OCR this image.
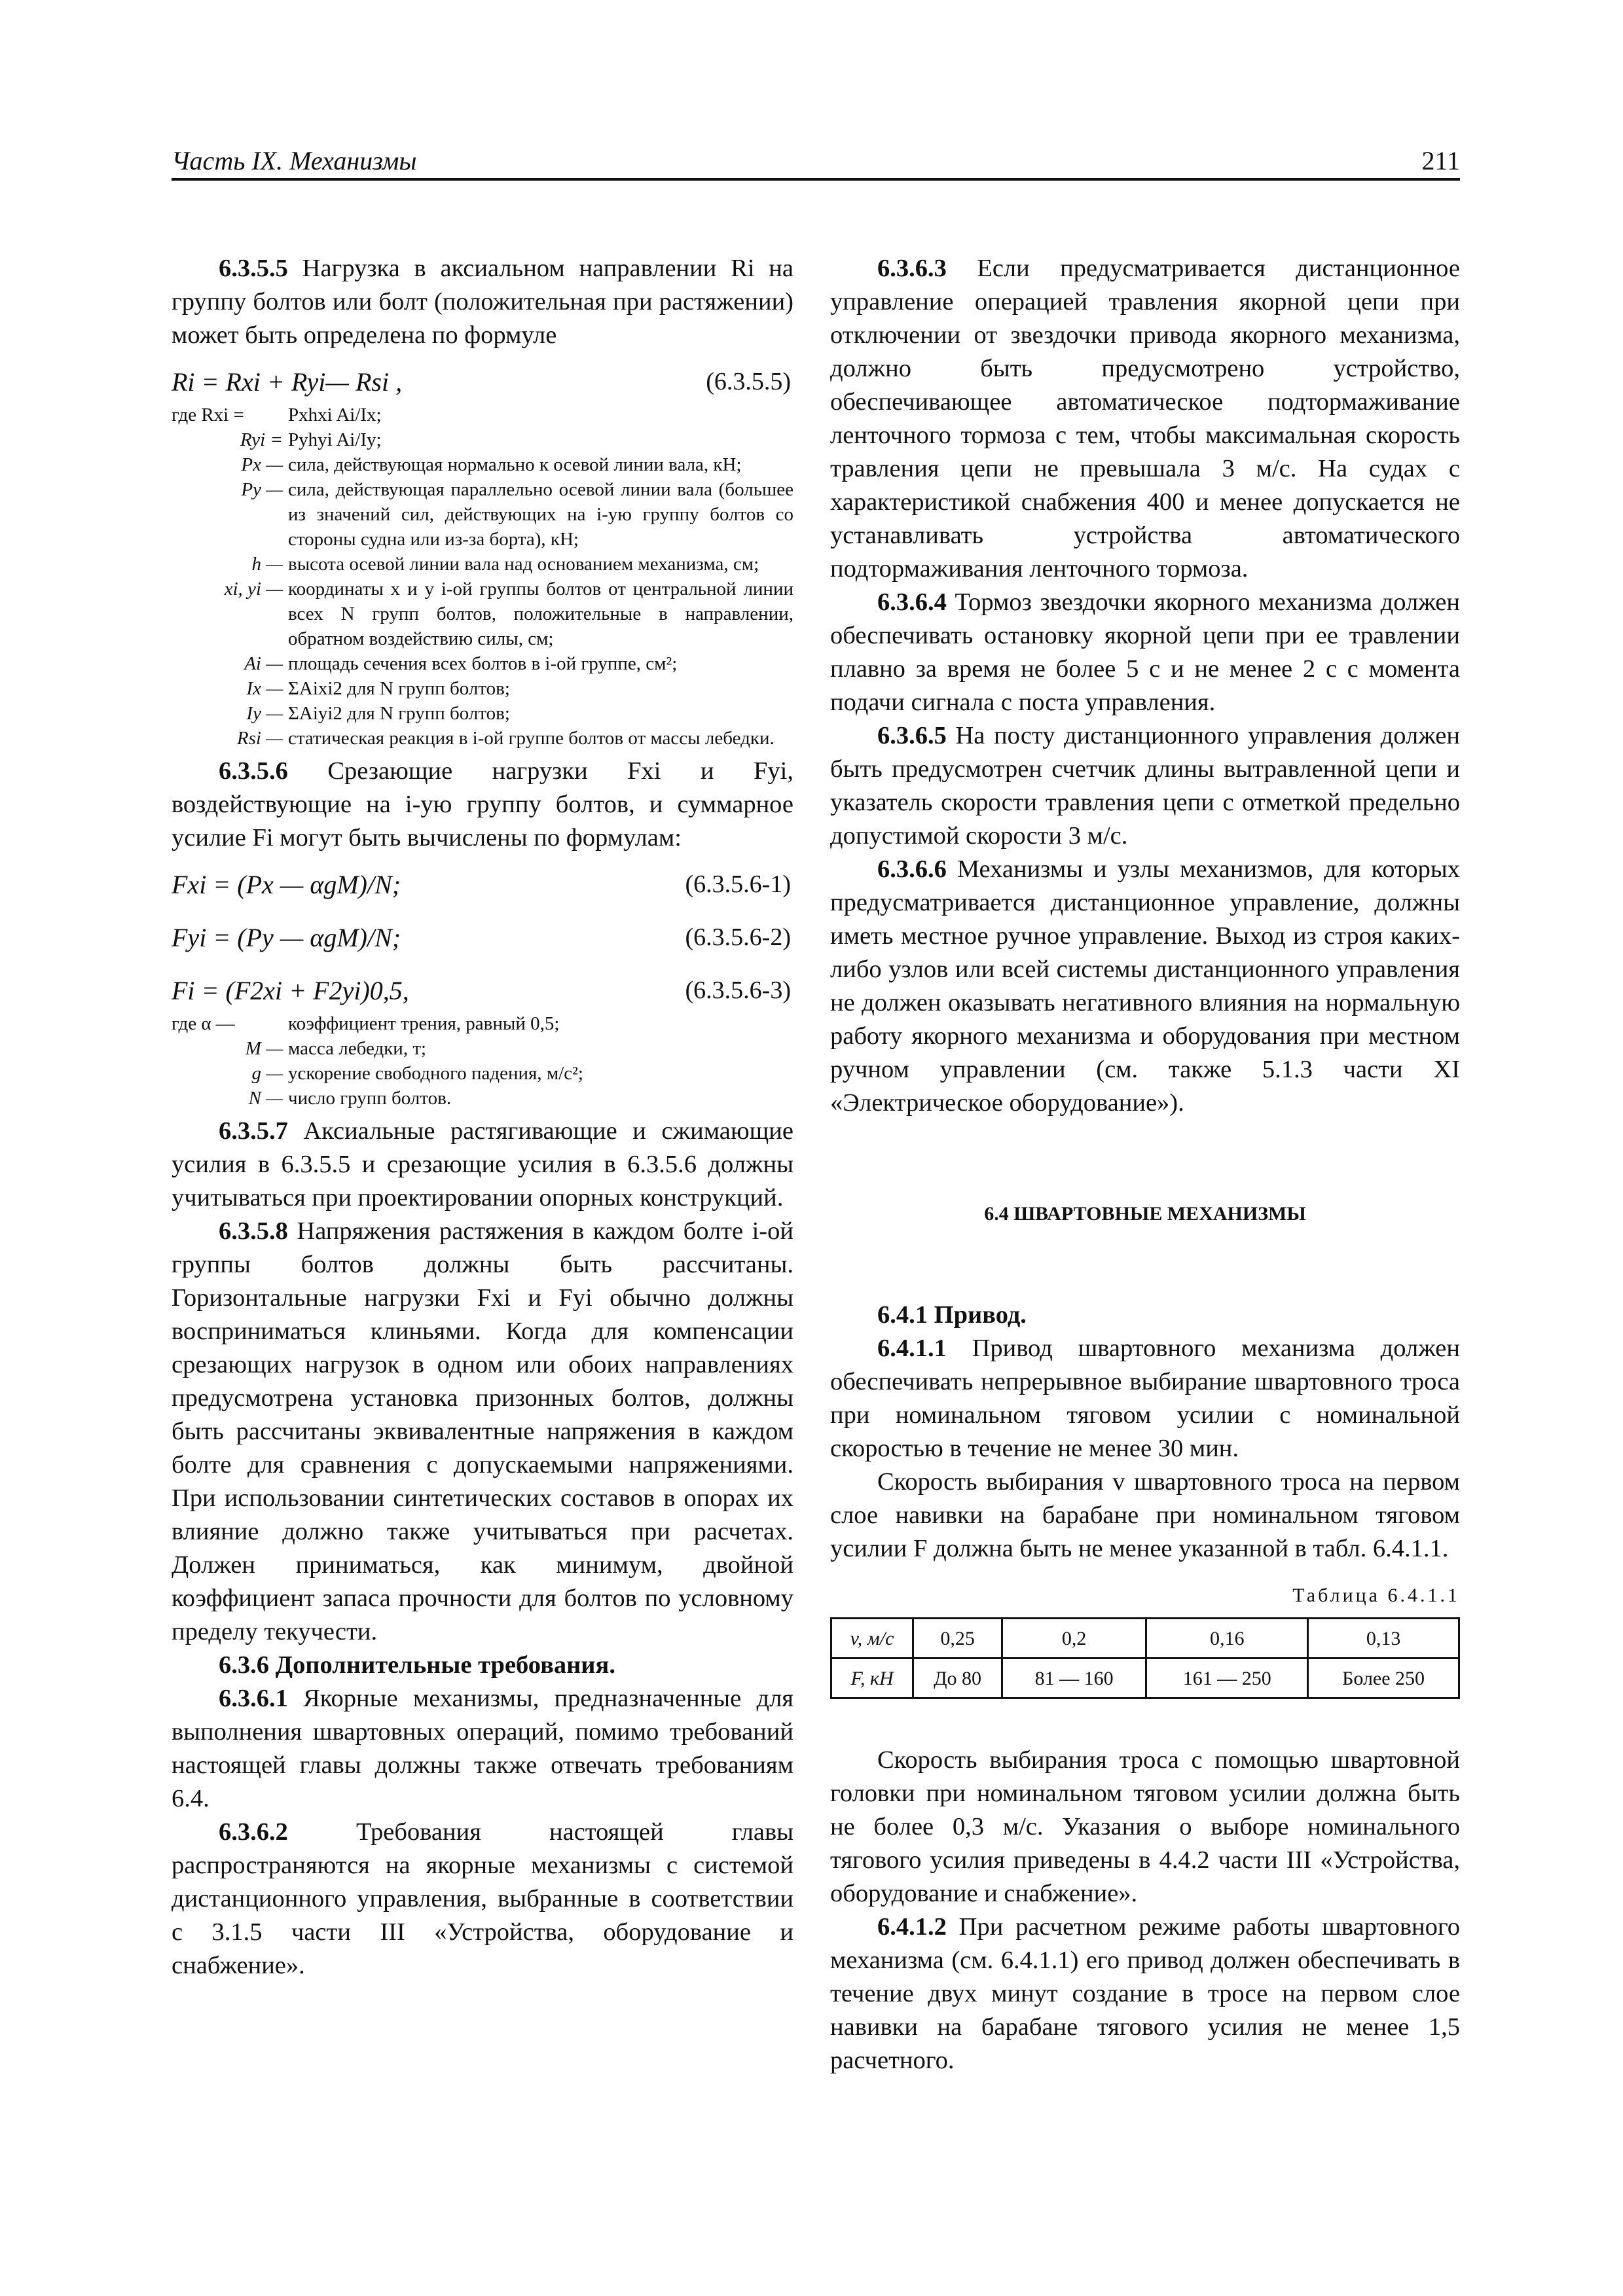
Часть IX. Механизмы	211

6.3.5.5 Нагрузка в аксиальном направлении Ri на группу болтов или болт (положительная при растяжении) может быть определена по формуле

Ri = Rxi + Ryi— Rsi ,	(6.3.5.5)
где Rxi =	Pxhxi Ai/Ix;
Ryi = Pyhyi Ai/Iy;
Px — сила, действующая нормально к осевой линии вала, кН;
Py — сила, действующая параллельно осевой линии вала (большее из значений сил, действующих на i-ую группу болтов со стороны судна или из-за борта), кН;
h — высота осевой линии вала над основанием механизма, см;
xi, yi — координаты x и y i-ой группы болтов от центральной линии всех N групп болтов, положительные в направлении, обратном воздействию силы, см;
Ai — площадь сечения всех болтов в i-ой группе, см²;
Ix — ΣAixi2 для N групп болтов;
Iy — ΣAiyi2 для N групп болтов;
Rsi — статическая реакция в i-ой группе болтов от массы лебедки.

6.3.5.6 Срезающие нагрузки Fxi и Fyi, воздействующие на i-ую группу болтов, и суммарное усилие Fi могут быть вычислены по формулам:

Fxi = (Px — αgM)/N;	(6.3.5.6-1)
Fyi = (Py — αgM)/N;	(6.3.5.6-2)
Fi = (F2xi + F2yi)0,5,	(6.3.5.6-3)
где α —	коэффициент трения, равный 0,5;
M — масса лебедки, т;
g — ускорение свободного падения, м/с²;
N — число групп болтов.

6.3.5.7 Аксиальные растягивающие и сжимающие усилия в 6.3.5.5 и срезающие усилия в 6.3.5.6 должны учитываться при проектировании опорных конструкций.

6.3.5.8 Напряжения растяжения в каждом болте i-ой группы болтов должны быть рассчитаны. Горизонтальные нагрузки Fxi и Fyi обычно должны восприниматься клиньями. Когда для компенсации срезающих нагрузок в одном или обоих направлениях предусмотрена установка призонных болтов, должны быть рассчитаны эквивалентные напряжения в каждом болте для сравнения с допускаемыми напряжениями. При использовании синтетических составов в опорах их влияние должно также учитываться при расчетах. Должен приниматься, как минимум, двойной коэффициент запаса прочности для болтов по условному пределу текучести.

6.3.6 Дополнительные требования.

6.3.6.1 Якорные механизмы, предназначенные для выполнения швартовных операций, помимо требований настоящей главы должны также отвечать требованиям 6.4.

6.3.6.2 Требования настоящей главы распространяются на якорные механизмы с системой дистанционного управления, выбранные в соответствии с 3.1.5 части III «Устройства, оборудование и снабжение».

6.3.6.3 Если предусматривается дистанционное управление операцией травления якорной цепи при отключении от звездочки привода якорного механизма, должно быть предусмотрено устройство, обеспечивающее автоматическое подтормаживание ленточного тормоза с тем, чтобы максимальная скорость травления цепи не превышала 3 м/с. На судах с характеристикой снабжения 400 и менее допускается не устанавливать устройства автоматического подтормаживания ленточного тормоза.

6.3.6.4 Тормоз звездочки якорного механизма должен обеспечивать остановку якорной цепи при ее травлении плавно за время не более 5 с и не менее 2 с с момента подачи сигнала с поста управления.

6.3.6.5 На посту дистанционного управления должен быть предусмотрен счетчик длины вытравленной цепи и указатель скорости травления цепи с отметкой предельно допустимой скорости 3 м/с.

6.3.6.6 Механизмы и узлы механизмов, для которых предусматривается дистанционное управление, должны иметь местное ручное управление. Выход из строя каких-либо узлов или всей системы дистанционного управления не должен оказывать негативного влияния на нормальную работу якорного механизма и оборудования при местном ручном управлении (см. также 5.1.3 части XI «Электрическое оборудование»).

6.4 ШВАРТОВНЫЕ МЕХАНИЗМЫ

6.4.1 Привод.

6.4.1.1 Привод швартовного механизма должен обеспечивать непрерывное выбирание швартовного троса при номинальном тяговом усилии с номинальной скоростью в течение не менее 30 мин.

Скорость выбирания v швартовного троса на первом слое навивки на барабане при номинальном тяговом усилии F должна быть не менее указанной в табл. 6.4.1.1.

Таблица 6.4.1.1
v, м/с	0,25	0,2	0,16	0,13
F, кН	До 80	81 — 160	161 — 250	Более 250

Скорость выбирания троса с помощью швартовной головки при номинальном тяговом усилии должна быть не более 0,3 м/с. Указания о выборе номинального тягового усилия приведены в 4.4.2 части III «Устройства, оборудование и снабжение».

6.4.1.2 При расчетном режиме работы швартовного механизма (см. 6.4.1.1) его привод должен обеспечивать в течение двух минут создание в тросе на первом слое навивки на барабане тягового усилия не менее 1,5 расчетного.
